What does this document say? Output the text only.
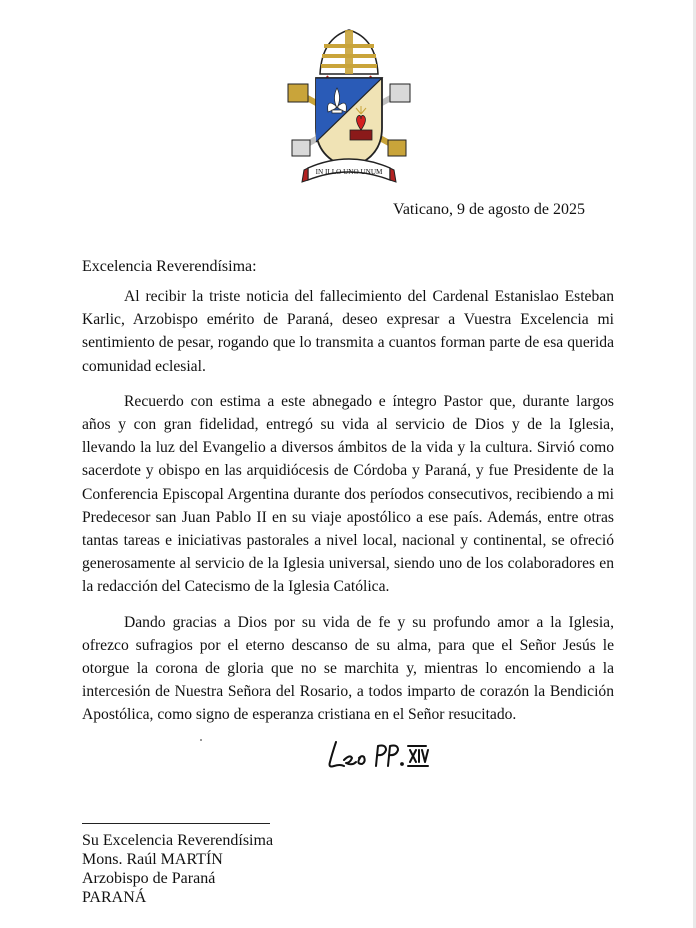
IN ILLO UNO UNUM
Vaticano, 9 de agosto de 2025
Excelencia Reverendísima:

Al recibir la triste noticia del fallecimiento del Cardenal Estanislao Esteban Karlic, Arzobispo emérito de Paraná, deseo expresar a Vuestra Excelencia mi sentimiento de pesar, rogando que lo transmita a cuantos forman parte de esa querida comunidad eclesial.

Recuerdo con estima a este abnegado e íntegro Pastor que, durante largos años y con gran fidelidad, entregó su vida al servicio de Dios y de la Iglesia, llevando la luz del Evangelio a diversos ámbitos de la vida y la cultura. Sirvió como sacerdote y obispo en las arquidiócesis de Córdoba y Paraná, y fue Presidente de la Conferencia Episcopal Argentina durante dos períodos consecutivos, recibiendo a mi Predecesor san Juan Pablo II en su viaje apostólico a ese país. Además, entre otras tantas tareas e iniciativas pastorales a nivel local, nacional y continental, se ofreció generosamente al servicio de la Iglesia universal, siendo uno de los colaboradores en la redacción del Catecismo de la Iglesia Católica.

Dando gracias a Dios por su vida de fe y su profundo amor a la Iglesia, ofrezco sufragios por el eterno descanso de su alma, para que el Señor Jesús le otorgue la corona de gloria que no se marchita y, mientras lo encomiendo a la intercesión de Nuestra Señora del Rosario, a todos imparto de corazón la Bendición Apostólica, como signo de esperanza cristiana en el Señor resucitado.

Su Excelencia Reverendísima
Mons. Raúl MARTÍN
Arzobispo de Paraná
PARANÁ
